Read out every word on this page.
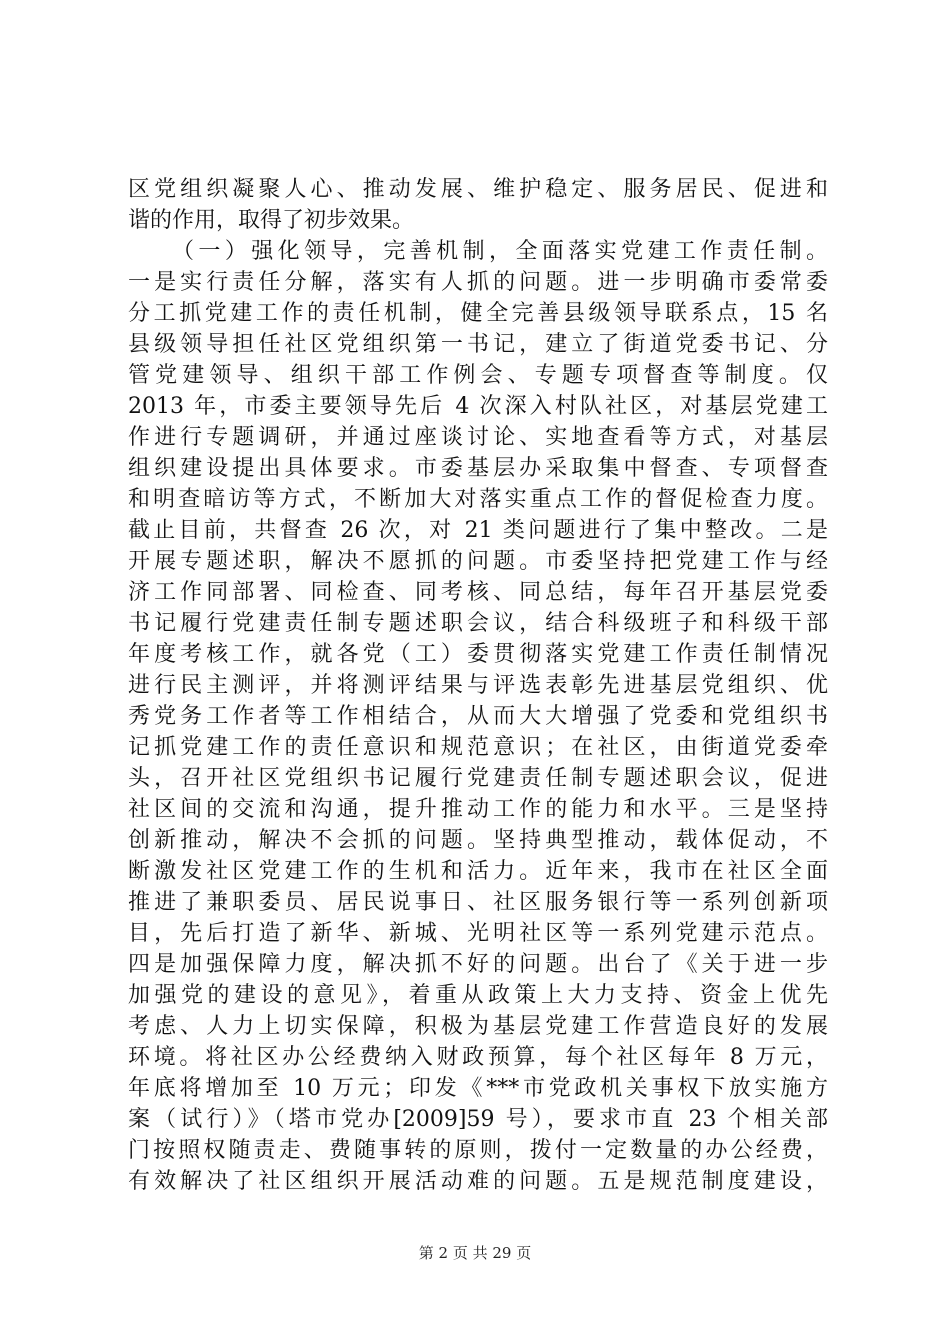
区党组织凝聚人心、推动发展、维护稳定、服务居民、促进和
谐的作用，取得了初步效果。
（一）强化领导，完善机制，全面落实党建工作责任制。
一是实行责任分解，落实有人抓的问题。进一步明确市委常委
分工抓党建工作的责任机制，健全完善县级领导联系点，15 名
县级领导担任社区党组织第一书记，建立了街道党委书记、分
管党建领导、组织干部工作例会、专题专项督查等制度。仅
2013 年，市委主要领导先后 4 次深入村队社区，对基层党建工
作进行专题调研，并通过座谈讨论、实地查看等方式，对基层
组织建设提出具体要求。市委基层办采取集中督查、专项督查
和明查暗访等方式，不断加大对落实重点工作的督促检查力度。
截止目前，共督查 26 次，对 21 类问题进行了集中整改。二是
开展专题述职，解决不愿抓的问题。市委坚持把党建工作与经
济工作同部署、同检查、同考核、同总结，每年召开基层党委
书记履行党建责任制专题述职会议，结合科级班子和科级干部
年度考核工作，就各党（工）委贯彻落实党建工作责任制情况
进行民主测评，并将测评结果与评选表彰先进基层党组织、优
秀党务工作者等工作相结合，从而大大增强了党委和党组织书
记抓党建工作的责任意识和规范意识；在社区，由街道党委牵
头，召开社区党组织书记履行党建责任制专题述职会议，促进
社区间的交流和沟通，提升推动工作的能力和水平。三是坚持
创新推动，解决不会抓的问题。坚持典型推动，载体促动，不
断激发社区党建工作的生机和活力。近年来，我市在社区全面
推进了兼职委员、居民说事日、社区服务银行等一系列创新项
目，先后打造了新华、新城、光明社区等一系列党建示范点。
四是加强保障力度，解决抓不好的问题。出台了《关于进一步
加强党的建设的意见》，着重从政策上大力支持、资金上优先
考虑、人力上切实保障，积极为基层党建工作营造良好的发展
环境。将社区办公经费纳入财政预算，每个社区每年 8 万元，
年底将增加至 10 万元；印发《***市党政机关事权下放实施方
案（试行）》（塔市党办[2009]59 号），要求市直 23 个相关部
门按照权随责走、费随事转的原则，拨付一定数量的办公经费，
有效解决了社区组织开展活动难的问题。五是规范制度建设，
第 2 页 共 29 页
